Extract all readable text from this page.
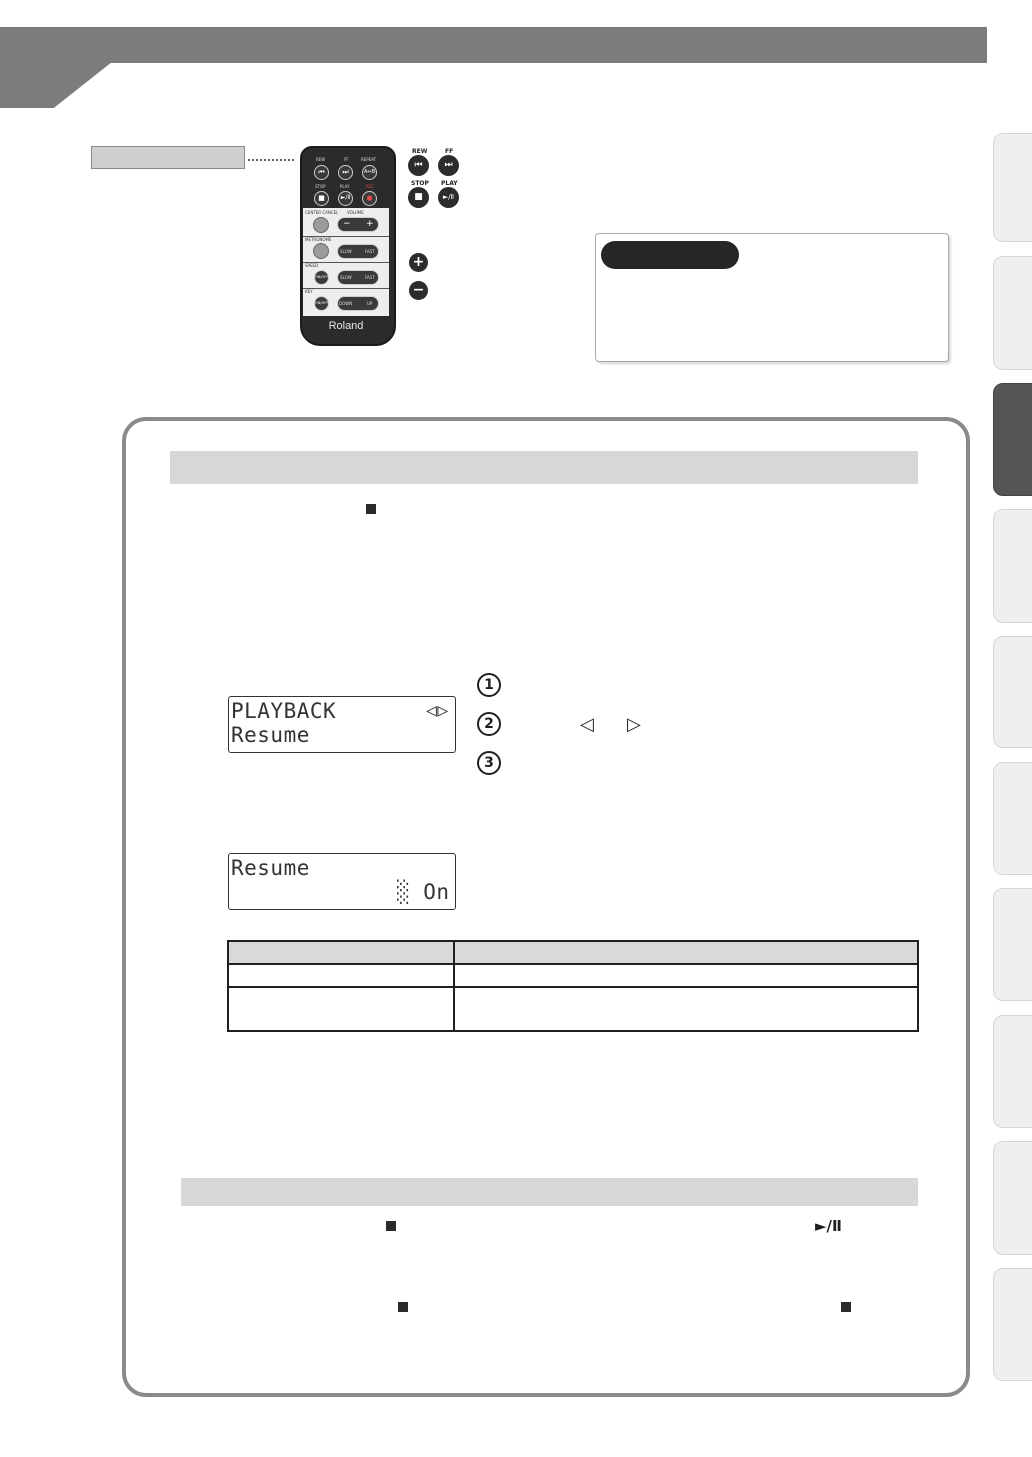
REW	FF	REPEAT
⏮	⏭	A↔B
STOP	PLAY	REC
■	►/Ⅱ	●
CENTER CANCEL VOLUME
− +
METRONOME
SLOW	FAST
SPEED
ON/OFF	SLOW	FAST
KEY
ON/OFF	DOWN	UP
Roland
REW	FF
⏮	⏭
STOP PLAY
■	►/Ⅱ
+
−
PLAYBACK	◁▷
Resume
1
2
3
◁ ▷
Resume
░ On

►/Ⅱ
